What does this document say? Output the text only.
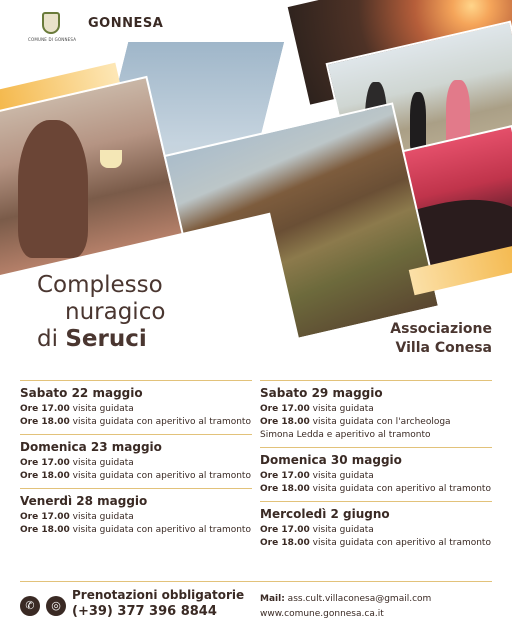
COMUNE DI GONNESA
GONNESA
Complesso
nuragico
di Seruci	Associazione
Villa Conesa
Sabato 22 maggio
Ore 17.00 visita guidata
Ore 18.00 visita guidata con aperitivo al tramonto
Domenica 23 maggio
Ore 17.00 visita guidata
Ore 18.00 visita guidata con aperitivo al tramonto
Venerdì 28 maggio
Ore 17.00 visita guidata
Ore 18.00 visita guidata con aperitivo al tramonto
Sabato 29 maggio
Ore 17.00 visita guidata
Ore 18.00 visita guidata con l'archeologa
Simona Ledda e aperitivo al tramonto
Domenica 30 maggio
Ore 17.00 visita guidata
Ore 18.00 visita guidata con aperitivo al tramonto
Mercoledì 2 giugno
Ore 17.00 visita guidata
Ore 18.00 visita guidata con aperitivo al tramonto
✆	◎
Prenotazioni obbligatorie
(+39) 377 396 8844
Mail: ass.cult.villaconesa@gmail.com
www.comune.gonnesa.ca.it
